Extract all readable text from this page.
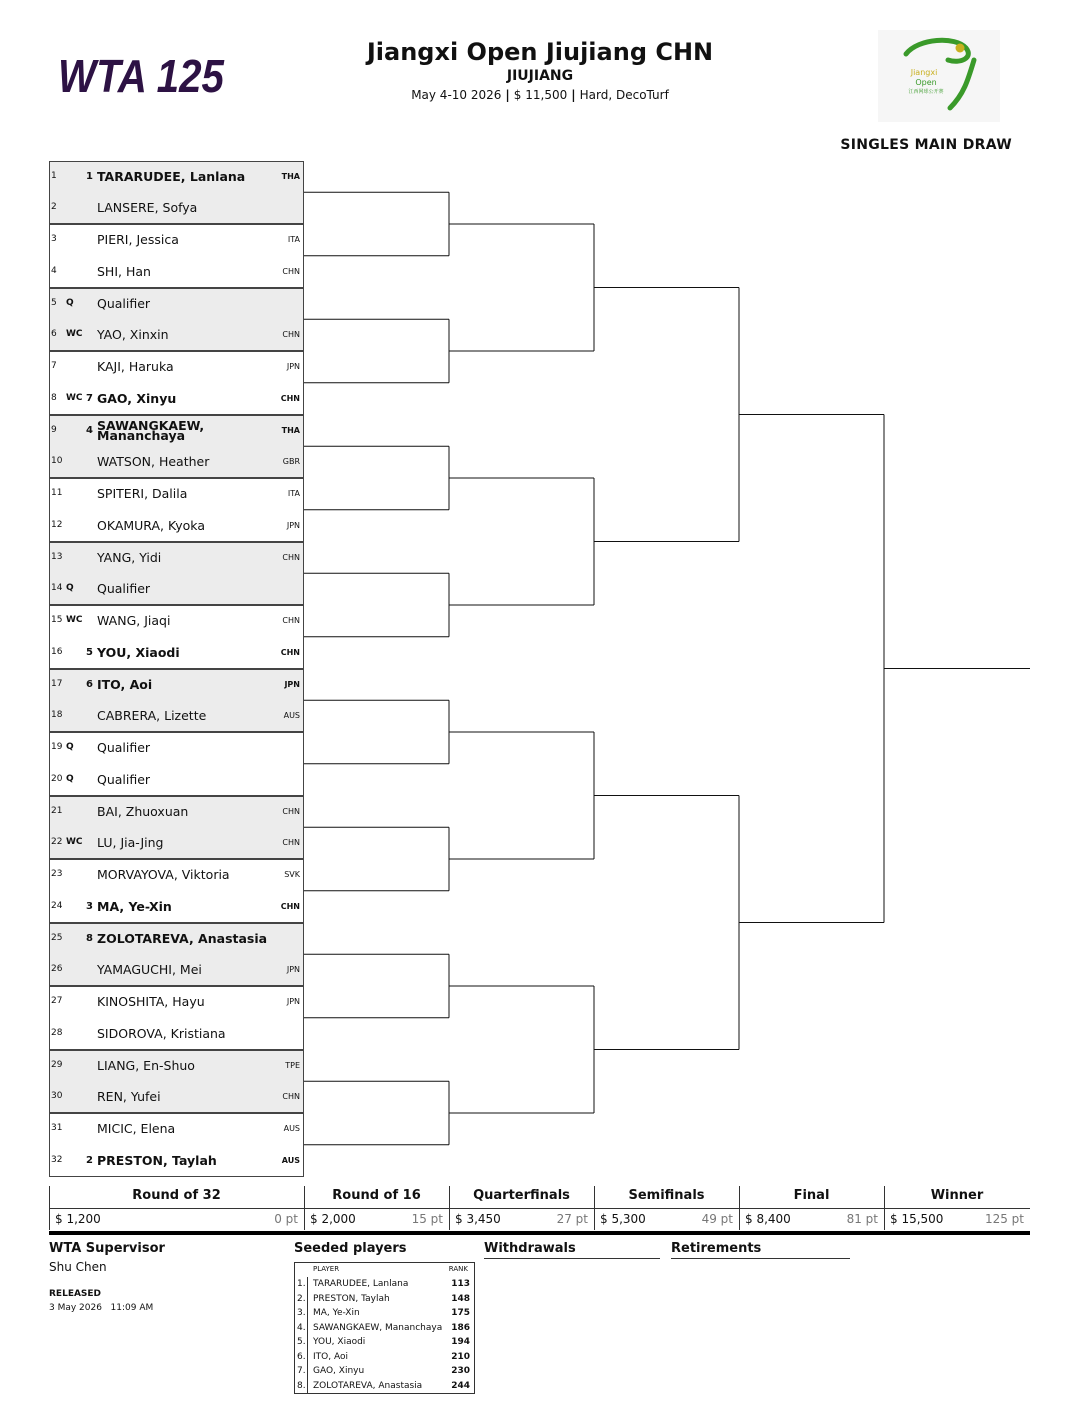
WTA 125	Jiangxi Open Jiujiang CHN
JIUJIANG
May 4-10 2026 | $ 11,500 | Hard, DecoTurf
Jiangxi
Open
江西网球公开赛
SINGLES MAIN DRAW
1	1 TARARUDEE, Lanlana	THA
2	LANSERE, Sofya
3	PIERI, Jessica	ITA
4	SHI, Han	CHN
5	Q	Qualifier
6	WC	YAO, Xinxin	CHN
7	KAJI, Haruka	JPN
8	WC 7 GAO, Xinyu	CHN
9	4 SAWANGKAEW, Mananchaya	THA
10	WATSON, Heather	GBR
11	SPITERI, Dalila	ITA
12	OKAMURA, Kyoka	JPN
13	YANG, Yidi	CHN
14 Q	Qualifier
15 WC	WANG, Jiaqi	CHN
16	5 YOU, Xiaodi	CHN
17	6 ITO, Aoi	JPN
18	CABRERA, Lizette	AUS
19 Q	Qualifier
20 Q	Qualifier
21	BAI, Zhuoxuan	CHN
22 WC	LU, Jia-Jing	CHN
23	MORVAYOVA, Viktoria	SVK
24	3 MA, Ye-Xin	CHN
25	8 ZOLOTAREVA, Anastasia
26	YAMAGUCHI, Mei	JPN
27	KINOSHITA, Hayu	JPN
28	SIDOROVA, Kristiana
29	LIANG, En-Shuo	TPE
30	REN, Yufei	CHN
31	MICIC, Elena	AUS
32	2 PRESTON, Taylah	AUS
Round of 32
$ 1,200	0 pt
Round of 16
$ 2,000	15 pt
Quarterfinals
$ 3,450	27 pt
Semifinals
$ 5,300	49 pt
Final
$ 8,400	81 pt
Winner
$ 15,500	125 pt
WTA Supervisor
Shu Chen
RELEASED
3 May 2026   11:09 AM
Seeded players
PLAYER	RANK
1. TARARUDEE, Lanlana	113
2. PRESTON, Taylah	148
3. MA, Ye-Xin	175
4. SAWANGKAEW, Mananchaya 186
5. YOU, Xiaodi	194
6. ITO, Aoi	210
7. GAO, Xinyu	230
8. ZOLOTAREVA, Anastasia	244
Withdrawals	Retirements
